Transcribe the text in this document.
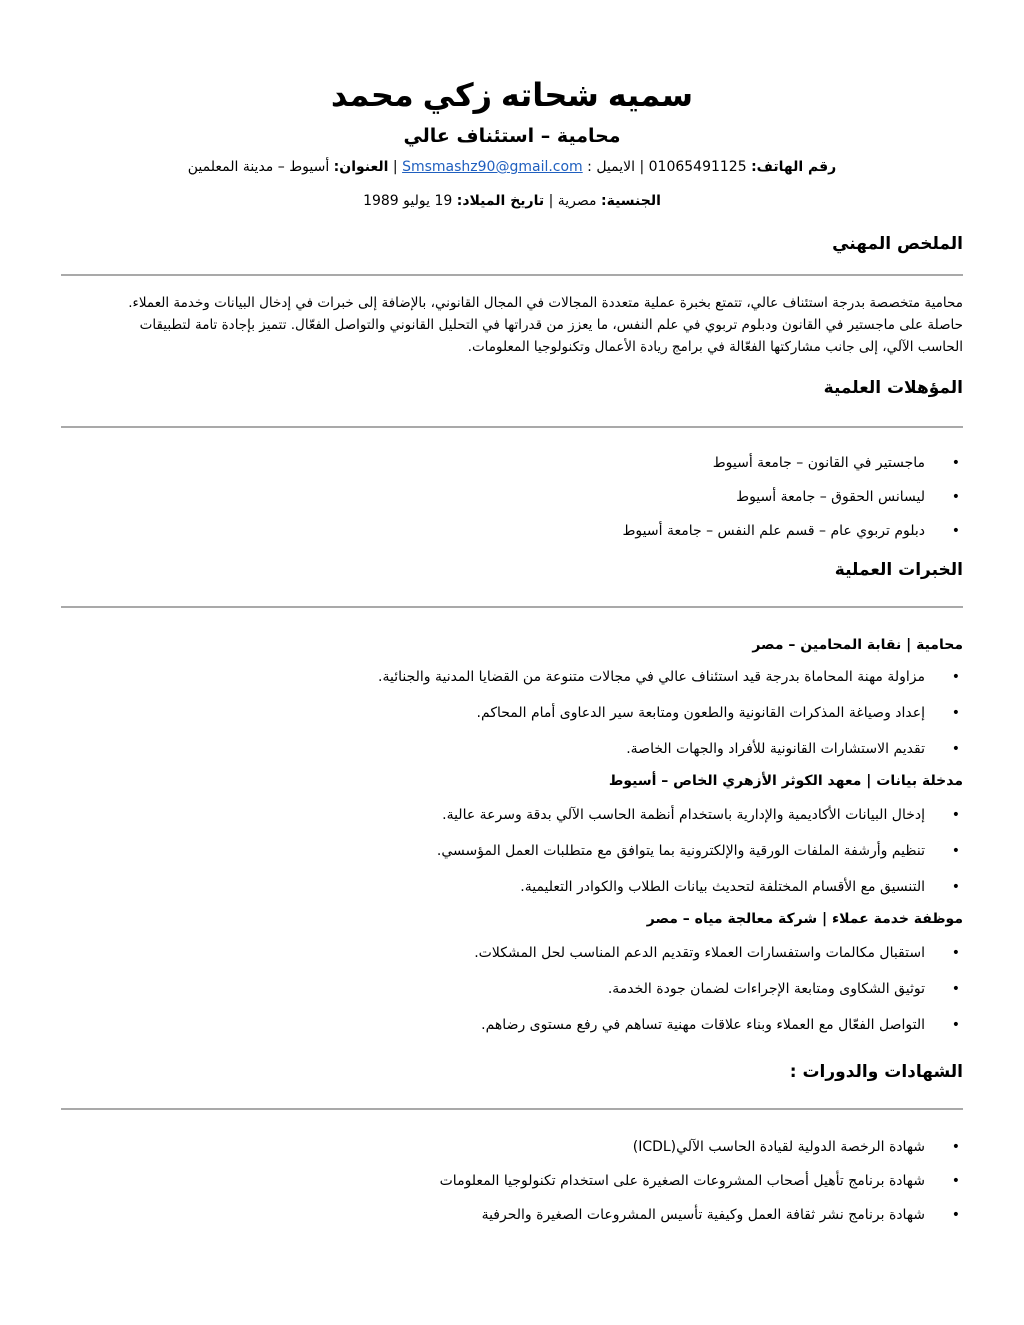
سميه شحاته زكي محمد
محامية – استئناف عالي
رقم الهاتف: 01065491125 | الايميل : Smsmashz90@gmail.com | العنوان: أسيوط – مدينة المعلمين
الجنسية: مصرية | تاريخ الميلاد: 19 يوليو 1989
الملخص المهني
محامية متخصصة بدرجة استئناف عالي، تتمتع بخبرة عملية متعددة المجالات في المجال القانوني، بالإضافة إلى خبرات في إدخال البيانات وخدمة العملاء.
حاصلة على ماجستير في القانون ودبلوم تربوي في علم النفس، ما يعزز من قدراتها في التحليل القانوني والتواصل الفعّال. تتميز بإجادة تامة لتطبيقات
الحاسب الآلي، إلى جانب مشاركتها الفعّالة في برامج ريادة الأعمال وتكنولوجيا المعلومات.
المؤهلات العلمية
•
ماجستير في القانون – جامعة أسيوط
•
ليسانس الحقوق – جامعة أسيوط
•
دبلوم تربوي عام – قسم علم النفس – جامعة أسيوط
الخبرات العملية
محامية | نقابة المحامين – مصر
•
مزاولة مهنة المحاماة بدرجة قيد استئناف عالي في مجالات متنوعة من القضايا المدنية والجنائية.
•
إعداد وصياغة المذكرات القانونية والطعون ومتابعة سير الدعاوى أمام المحاكم.
•
تقديم الاستشارات القانونية للأفراد والجهات الخاصة.
مدخلة بيانات | معهد الكوثر الأزهري الخاص – أسيوط
•
إدخال البيانات الأكاديمية والإدارية باستخدام أنظمة الحاسب الآلي بدقة وسرعة عالية.
•
تنظيم وأرشفة الملفات الورقية والإلكترونية بما يتوافق مع متطلبات العمل المؤسسي.
•
التنسيق مع الأقسام المختلفة لتحديث بيانات الطلاب والكوادر التعليمية.
موظفة خدمة عملاء | شركة معالجة مياه – مصر
•
استقبال مكالمات واستفسارات العملاء وتقديم الدعم المناسب لحل المشكلات.
•
توثيق الشكاوى ومتابعة الإجراءات لضمان جودة الخدمة.
•
التواصل الفعّال مع العملاء وبناء علاقات مهنية تساهم في رفع مستوى رضاهم.
الشهادات والدورات :
•
شهادة الرخصة الدولية لقيادة الحاسب الآلي(ICDL)
•
شهادة برنامج تأهيل أصحاب المشروعات الصغيرة على استخدام تكنولوجيا المعلومات
•
شهادة برنامج نشر ثقافة العمل وكيفية تأسيس المشروعات الصغيرة والحرفية
